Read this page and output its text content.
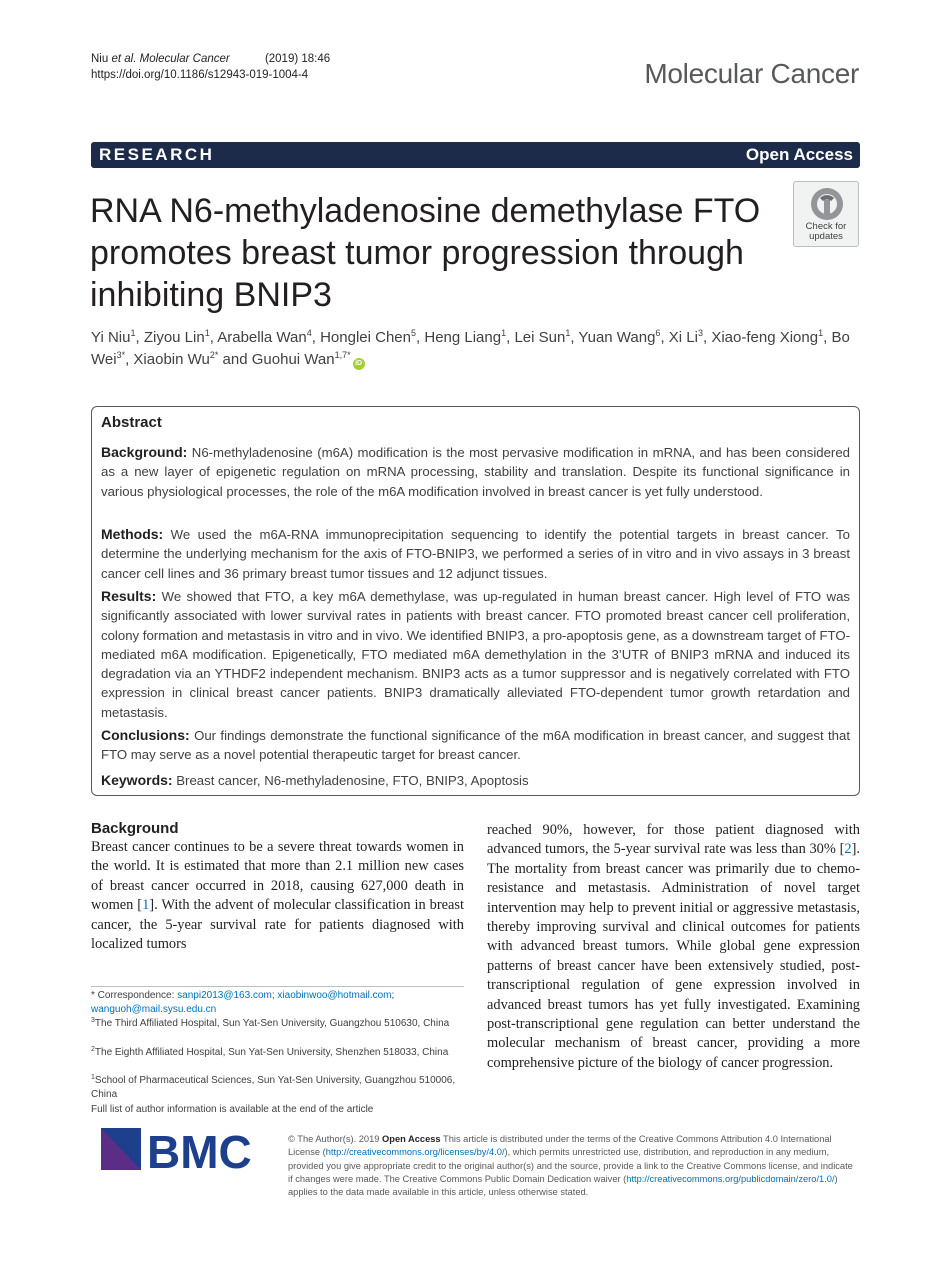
Niu et al. Molecular Cancer	(2019) 18:46
https://doi.org/10.1186/s12943-019-1004-4	Molecular Cancer
RESEARCH	Open Access
RNA N6-methyladenosine demethylase FTO promotes breast tumor progression through inhibiting BNIP3
Check for
updates
Yi Niu$^1$, Ziyou Lin$^1$, Arabella Wan$^4$, Honglei Chen$^5$, Heng Liang$^1$, Lei Sun$^1$, Yuan Wang$^6$, Xi Li$^3$, Xiao-feng Xiong$^1$, Bo Wei$^{3*}$, Xiaobin $Wu^{2*}$ and Guohui Wan$^{1,7*}$iD
Abstract

Background: N6-methyladenosine (m6A) modification is the most pervasive modification in mRNA, and has been considered as a new layer of epigenetic regulation on mRNA processing, stability and translation. Despite its functional significance in various physiological processes, the role of the m6A modification involved in breast cancer is yet fully understood.

Methods: We used the m6A-RNA immunoprecipitation sequencing to identify the potential targets in breast cancer. To determine the underlying mechanism for the axis of FTO-BNIP3, we performed a series of in vitro and in vivo assays in 3 breast cancer cell lines and 36 primary breast tumor tissues and 12 adjunct tissues.

Results: We showed that FTO, a key m6A demethylase, was up-regulated in human breast cancer. High level of FTO was significantly associated with lower survival rates in patients with breast cancer. FTO promoted breast cancer cell proliferation, colony formation and metastasis in vitro and in vivo. We identified BNIP3, a pro-apoptosis gene, as a downstream target of FTO-mediated m6A modification. Epigenetically, FTO mediated m6A demethylation in the 3’UTR of BNIP3 mRNA and induced its degradation via an YTHDF2 independent mechanism. BNIP3 acts as a tumor suppressor and is negatively correlated with FTO expression in clinical breast cancer patients. BNIP3 dramatically alleviated FTO-dependent tumor growth retardation and metastasis.

Conclusions: Our findings demonstrate the functional significance of the m6A modification in breast cancer, and suggest that FTO may serve as a novel potential therapeutic target for breast cancer.

Keywords: Breast cancer, N6-methyladenosine, FTO, BNIP3, Apoptosis

Background

Breast cancer continues to be a severe threat towards women in the world. It is estimated that more than 2.1 million new cases of breast cancer occurred in 2018, causing 627,000 death in women [1]. With the advent of molecular classification in breast cancer, the 5-year survival rate for patients diagnosed with localized tumors

reached 90%, however, for those patient diagnosed with advanced tumors, the 5-year survival rate was less than 30% [2]. The mortality from breast cancer was primarily due to chemo-resistance and metastasis. Administration of novel target intervention may help to prevent initial or aggressive metastasis, thereby improving survival and clinical outcomes for patients with advanced breast tumors. While global gene expression patterns of breast cancer have been extensively studied, post-transcriptional regulation of gene expression involved in advanced breast tumors has yet fully investigated. Examining post-transcriptional gene regulation can better understand the molecular mechanism of breast cancer, providing a more comprehensive picture of the biology of cancer progression.

* Correspondence: sanpi2013@163.com; xiaobinwoo@hotmail.com;
wanguoh@mail.sysu.edu.cn
$^3$The Third Affiliated Hospital, Sun Yat-Sen University, Guangzhou 510630, China
$^2$The Eighth Affiliated Hospital, Sun Yat-Sen University, Shenzhen 518033, China
$^1$School of Pharmaceutical Sciences, Sun Yat-Sen University, Guangzhou 510006, China
Full list of author information is available at the end of the article
BMC	© The Author(s). 2019 Open Access This article is distributed under the terms of the Creative Commons Attribution 4.0 International License (http://creativecommons.org/licenses/by/4.0/), which permits unrestricted use, distribution, and reproduction in any medium, provided you give appropriate credit to the original author(s) and the source, provide a link to the Creative Commons license, and indicate if changes were made. The Creative Commons Public Domain Dedication waiver (http://creativecommons.org/publicdomain/zero/1.0/) applies to the data made available in this article, unless otherwise stated.
